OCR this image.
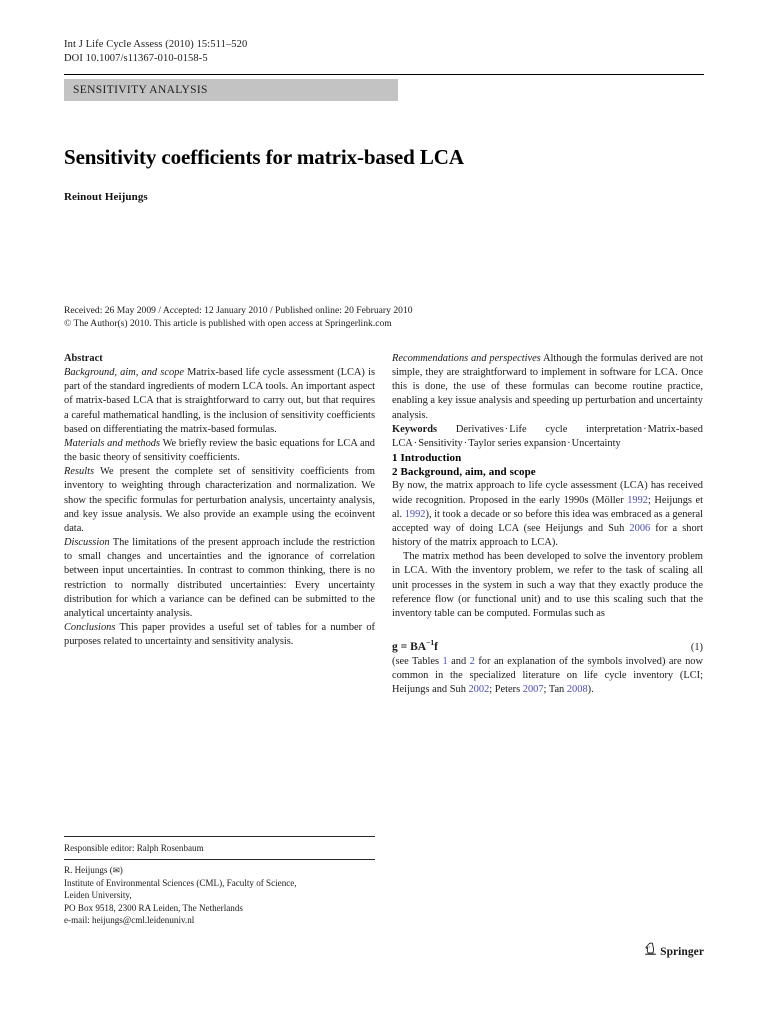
Int J Life Cycle Assess (2010) 15:511–520
DOI 10.1007/s11367-010-0158-5
SENSITIVITY ANALYSIS
Sensitivity coefficients for matrix-based LCA
Reinout Heijungs
Received: 26 May 2009 / Accepted: 12 January 2010 / Published online: 20 February 2010
© The Author(s) 2010. This article is published with open access at Springerlink.com

Abstract

Background, aim, and scope Matrix-based life cycle assessment (LCA) is part of the standard ingredients of modern LCA tools. An important aspect of matrix-based LCA that is straightforward to carry out, but that requires a careful mathematical handling, is the inclusion of sensitivity coefficients based on differentiating the matrix-based formulas.

Materials and methods We briefly review the basic equations for LCA and the basic theory of sensitivity coefficients.

Results We present the complete set of sensitivity coefficients from inventory to weighting through characterization and normalization. We show the specific formulas for perturbation analysis, uncertainty analysis, and key issue analysis. We also provide an example using the ecoinvent data.

Discussion The limitations of the present approach include the restriction to small changes and uncertainties and the ignorance of correlation between input uncertainties. In contrast to common thinking, there is no restriction to normally distributed uncertainties: Every uncertainty distribution for which a variance can be defined can be submitted to the analytical uncertainty analysis.

Conclusions This paper provides a useful set of tables for a number of purposes related to uncertainty and sensitivity analysis.

Recommendations and perspectives Although the formulas derived are not simple, they are straightforward to implement in software for LCA. Once this is done, the use of these formulas can become routine practice, enabling a key issue analysis and speeding up perturbation and uncertainty analysis.

Keywords Derivatives·Life cycle interpretation·Matrix-based LCA·Sensitivity·Taylor series expansion·Uncertainty

1 Introduction
2 Background, aim, and scope

By now, the matrix approach to life cycle assessment (LCA) has received wide recognition. Proposed in the early 1990s (Möller 1992; Heijungs et al. 1992), it took a decade or so before this idea was embraced as a general accepted way of doing LCA (see Heijungs and Suh 2006 for a short history of the matrix approach to LCA).

The matrix method has been developed to solve the inventory problem in LCA. With the inventory problem, we refer to the task of scaling all unit processes in the system in such a way that they exactly produce the reference flow (or functional unit) and to use this scaling such that the inventory table can be computed. Formulas such as

$g = BA^{-1}f$	(1)

(see Tables 1 and 2 for an explanation of the symbols involved) are now common in the specialized literature on life cycle inventory (LCI; Heijungs and Suh 2002; Peters 2007; Tan 2008).

Responsible editor: Ralph Rosenbaum
R. Heijungs (✉)
Institute of Environmental Sciences (CML), Faculty of Science,
Leiden University,
PO Box 9518, 2300 RA Leiden, The Netherlands
e-mail: heijungs@cml.leidenuniv.nl
Springer
